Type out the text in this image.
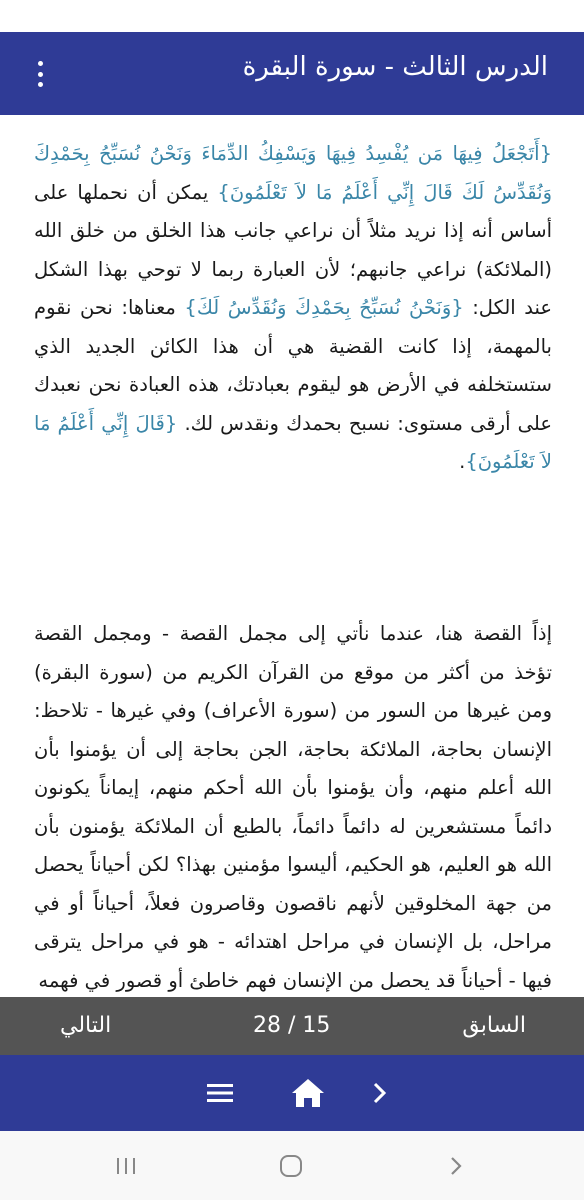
الدرس الثالث - سورة البقرة
{أَتَجْعَلُ فِيهَا مَن يُفْسِدُ فِيهَا وَيَسْفِكُ الدِّمَاءَ وَنَحْنُ نُسَبِّحُ بِحَمْدِكَ وَنُقَدِّسُ لَكَ قَالَ إِنِّي أَعْلَمُ مَا لاَ تَعْلَمُونَ} يمكن أن نحملها على أساس أنه إذا نريد مثلاً أن نراعي جانب هذا الخلق من خلق الله (الملائكة) نراعي جانبهم؛ لأن العبارة ربما لا توحي بهذا الشكل عند الكل: {وَنَحْنُ نُسَبِّحُ بِحَمْدِكَ وَنُقَدِّسُ لَكَ} معناها: نحن نقوم بالمهمة، إذا كانت القضية هي أن هذا الكائن الجديد الذي ستستخلفه في الأرض هو ليقوم بعبادتك، هذه العبادة نحن نعبدك على أرقى مستوى: نسبح بحمدك ونقدس لك. {قَالَ إِنِّي أَعْلَمُ مَا لاَ تَعْلَمُونَ}.
إذاً القصة هنا، عندما نأتي إلى مجمل القصة - ومجمل القصة تؤخذ من أكثر من موقع من القرآن الكريم من (سورة البقرة) ومن غيرها من السور من (سورة الأعراف) وفي غيرها - تلاحظ: الإنسان بحاجة، الملائكة بحاجة، الجن بحاجة إلى أن يؤمنوا بأن الله أعلم منهم، وأن يؤمنوا بأن الله أحكم منهم، إيماناً يكونون دائماً مستشعرين له دائماً دائماً، بالطبع أن الملائكة يؤمنون بأن الله هو العليم، هو الحكيم، أليسوا مؤمنين بهذا؟ لكن أحياناً يحصل من جهة المخلوقين لأنهم ناقصون وقاصرون فعلاً، أحياناً أو في مراحل، بل الإنسان في مراحل اهتدائه - هو في مراحل يترقى فيها - أحياناً قد يحصل من الإنسان فهم خاطئ أو قصور في فهمه
السابق
28 / 15
التالي
